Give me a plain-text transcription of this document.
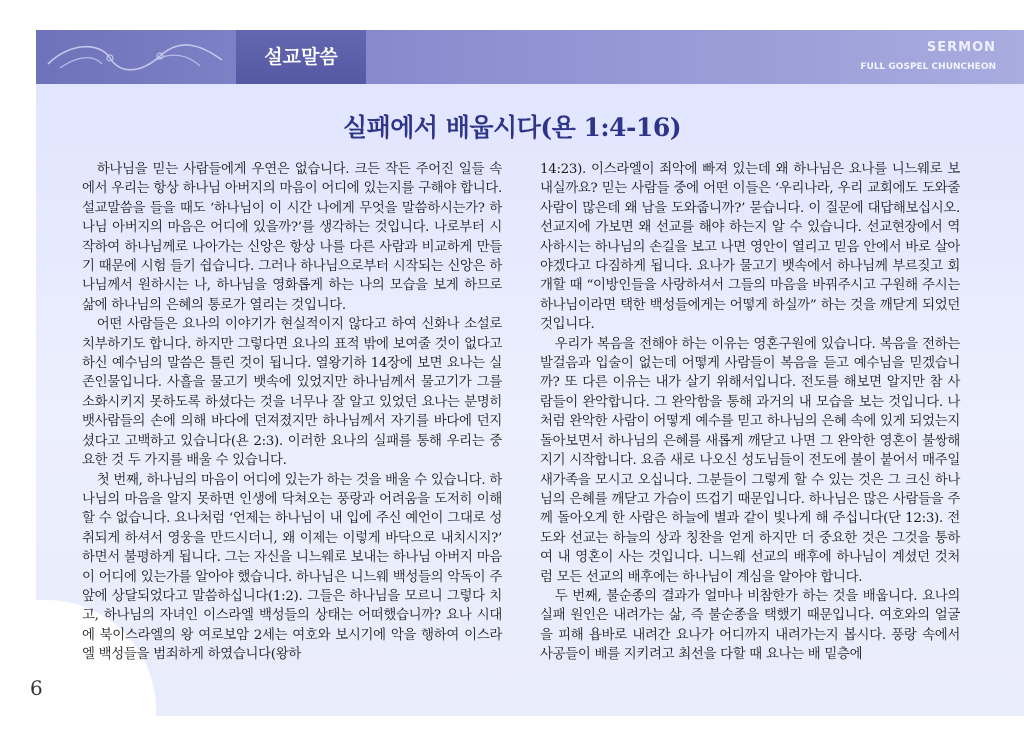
설교말씀	SERMON
FULL GOSPEL CHUNCHEON
실패에서 배웁시다(욘 1:4-16)

하나님을 믿는 사람들에게 우연은 없습니다. 크든 작든 주어진 일들 속에서 우리는 항상 하나님 아버지의 마음이 어디에 있는지를 구해야 합니다. 설교말씀을 들을 때도 ‘하나님이 이 시간 나에게 무엇을 말씀하시는가? 하나님 아버지의 마음은 어디에 있을까?’를 생각하는 것입니다. 나로부터 시작하여 하나님께로 나아가는 신앙은 항상 나를 다른 사람과 비교하게 만들기 때문에 시험 들기 쉽습니다. 그러나 하나님으로부터 시작되는 신앙은 하나님께서 원하시는 나, 하나님을 영화롭게 하는 나의 모습을 보게 하므로 삶에 하나님의 은혜의 통로가 열리는 것입니다.

어떤 사람들은 요나의 이야기가 현실적이지 않다고 하여 신화나 소설로 치부하기도 합니다. 하지만 그렇다면 요나의 표적 밖에 보여줄 것이 없다고 하신 예수님의 말씀은 틀린 것이 됩니다. 열왕기하 14장에 보면 요나는 실존인물입니다. 사흘을 물고기 뱃속에 있었지만 하나님께서 물고기가 그를 소화시키지 못하도록 하셨다는 것을 너무나 잘 알고 있었던 요나는 분명히 뱃사람들의 손에 의해 바다에 던져졌지만 하나님께서 자기를 바다에 던지셨다고 고백하고 있습니다(욘 2:3). 이러한 요나의 실패를 통해 우리는 중요한 것 두 가지를 배울 수 있습니다.

첫 번째, 하나님의 마음이 어디에 있는가 하는 것을 배울 수 있습니다. 하나님의 마음을 알지 못하면 인생에 닥쳐오는 풍랑과 어려움을 도저히 이해할 수 없습니다. 요나처럼 ‘언제는 하나님이 내 입에 주신 예언이 그대로 성취되게 하셔서 영웅을 만드시더니, 왜 이제는 이렇게 바닥으로 내치시지?’ 하면서 불평하게 됩니다. 그는 자신을 니느웨로 보내는 하나님 아버지 마음이 어디에 있는가를 알아야 했습니다. 하나님은 니느웨 백성들의 악독이 주 앞에 상달되었다고 말씀하십니다(1:2). 그들은 하나님을 모르니 그렇다 치고, 하나님의 자녀인 이스라엘 백성들의 상태는 어떠했습니까? 요나 시대에 북이스라엘의 왕 여로보암 2세는 여호와 보시기에 악을 행하여 이스라엘 백성들을 범죄하게 하였습니다(왕하

14:23). 이스라엘이 죄악에 빠져 있는데 왜 하나님은 요나를 니느웨로 보내실까요? 믿는 사람들 중에 어떤 이들은 ‘우리나라, 우리 교회에도 도와줄 사람이 많은데 왜 남을 도와줍니까?’ 묻습니다. 이 질문에 대답해보십시오. 선교지에 가보면 왜 선교를 해야 하는지 알 수 있습니다. 선교현장에서 역사하시는 하나님의 손길을 보고 나면 영안이 열리고 믿음 안에서 바로 살아야겠다고 다짐하게 됩니다. 요나가 물고기 뱃속에서 하나님께 부르짖고 회개할 때 “이방인들을 사랑하셔서 그들의 마음을 바꿔주시고 구원해 주시는 하나님이라면 택한 백성들에게는 어떻게 하실까” 하는 것을 깨닫게 되었던 것입니다.

우리가 복음을 전해야 하는 이유는 영혼구원에 있습니다. 복음을 전하는 발걸음과 입술이 없는데 어떻게 사람들이 복음을 듣고 예수님을 믿겠습니까? 또 다른 이유는 내가 살기 위해서입니다. 전도를 해보면 알지만 참 사람들이 완악합니다. 그 완악함을 통해 과거의 내 모습을 보는 것입니다. 나처럼 완악한 사람이 어떻게 예수를 믿고 하나님의 은혜 속에 있게 되었는지 돌아보면서 하나님의 은혜를 새롭게 깨닫고 나면 그 완악한 영혼이 불쌍해지기 시작합니다. 요즘 새로 나오신 성도님들이 전도에 불이 붙어서 매주일 새가족을 모시고 오십니다. 그분들이 그렇게 할 수 있는 것은 그 크신 하나님의 은혜를 깨닫고 가슴이 뜨겁기 때문입니다. 하나님은 많은 사람들을 주께 돌아오게 한 사람은 하늘에 별과 같이 빛나게 해 주십니다(단 12:3). 전도와 선교는 하늘의 상과 칭찬을 얻게 하지만 더 중요한 것은 그것을 통하여 내 영혼이 사는 것입니다. 니느웨 선교의 배후에 하나님이 계셨던 것처럼 모든 선교의 배후에는 하나님이 계심을 알아야 합니다.

두 번째, 불순종의 결과가 얼마나 비참한가 하는 것을 배웁니다. 요나의 실패 원인은 내려가는 삶, 즉 불순종을 택했기 때문입니다. 여호와의 얼굴을 피해 욥바로 내려간 요나가 어디까지 내려가는지 봅시다. 풍랑 속에서 사공들이 배를 지키려고 최선을 다할 때 요나는 배 밑층에

6
